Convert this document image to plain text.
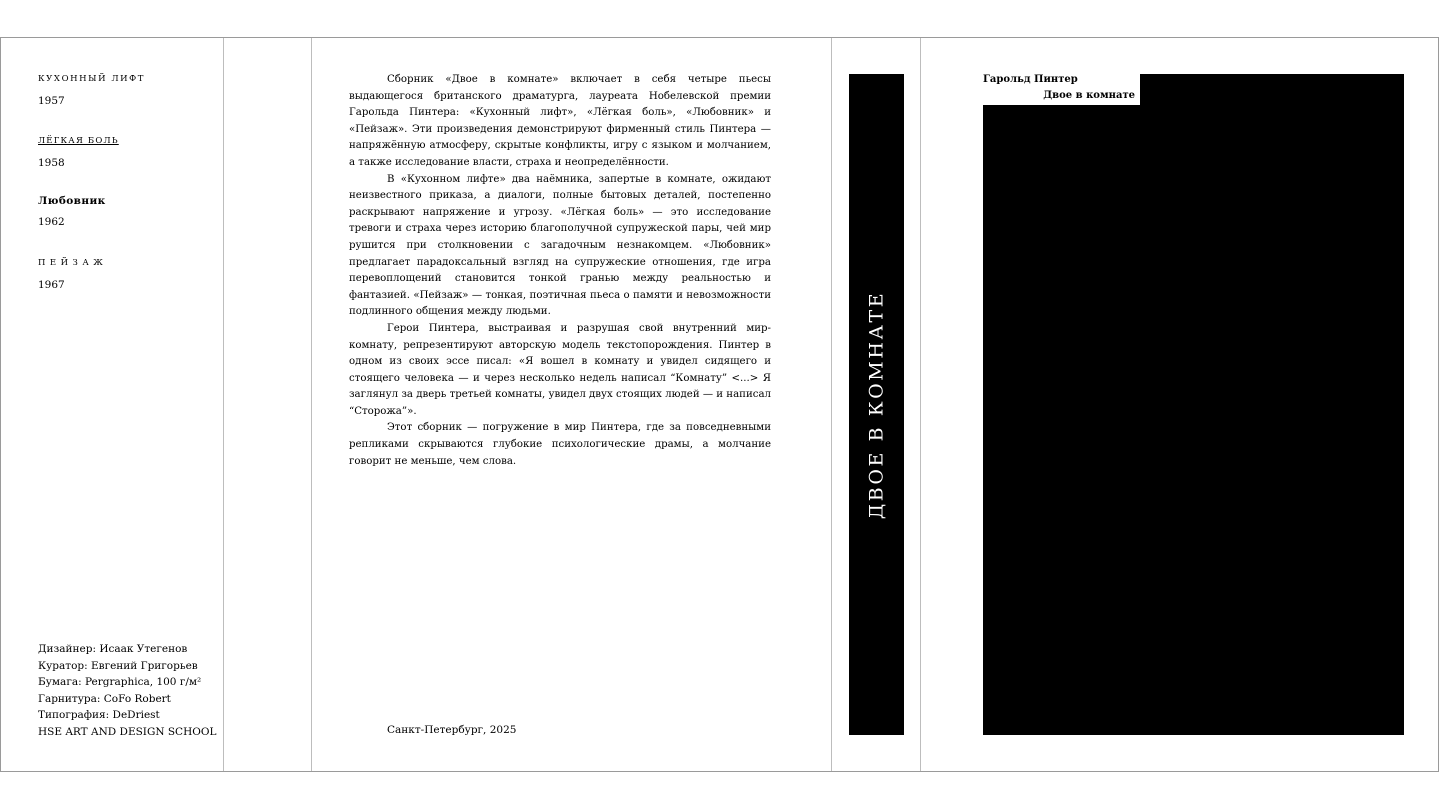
КУХОННЫЙ ЛИФТ
1957
ЛЁГКАЯ БОЛЬ
1958
Любовник
1962
ПЕЙЗАЖ
1967
Дизайнер: Исаак Утегенов
Куратор: Евгений Григорьев
Бумага: Pergraphica, 100 г/м²
Гарнитура: CoFo Robert
Типография: DeDriest
HSE ART AND DESIGN SCHOOL

Сборник «Двое в комнате» включает в себя четыре пьесы выдающегося британского драматурга, лауреата Нобелевской премии Гарольда Пинтера: «Кухонный лифт», «Лёгкая боль», «Любовник» и «Пейзаж». Эти произведения демонстрируют фирменный стиль Пинтера — напряжённую атмосферу, скрытые конфликты, игру с языком и молчанием, а также исследование власти, страха и неопределённости.

В «Кухонном лифте» два наёмника, запертые в комнате, ожидают неизвестного приказа, а диалоги, полные бытовых деталей, постепенно раскрывают напряжение и угрозу. «Лёгкая боль» — это исследование тревоги и страха через историю благополучной супружеской пары, чей мир рушится при столкновении с загадочным незнакомцем. «Любовник» предлагает парадоксальный взгляд на супружеские отношения, где игра перевоплощений становится тонкой гранью между реальностью и фантазией. «Пейзаж» — тонкая, поэтичная пьеса о памяти и невозможности подлинного общения между людьми.

Герои Пинтера, выстраивая и разрушая свой внутренний мир-комнату, репрезентируют авторскую модель текстопорождения. Пинтер в одном из своих эссе писал: «Я вошел в комнату и увидел сидящего и стоящего человека — и через несколько недель написал “Комнату” <...> Я заглянул за дверь третьей комнаты, увидел двух стоящих людей — и написал “Сторожа”».

Этот сборник — погружение в мир Пинтера, где за повседневными репликами скрываются глубокие психологические драмы, а молчание говорит не меньше, чем слова.

Санкт-Петербург, 2025
ДВОЕ В КОМНАТЕ
Гарольд Пинтер
Двое в комнате
